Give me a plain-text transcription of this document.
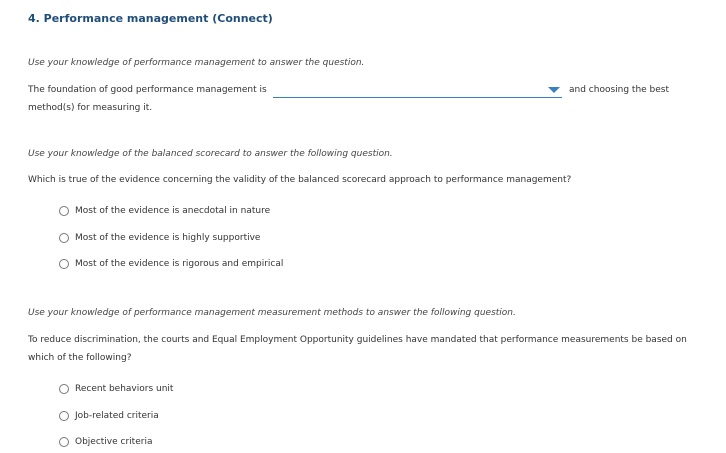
4. Performance management (Connect)
Use your knowledge of performance management to answer the question.
The foundation of good performance management is	and choosing the best
method(s) for measuring it.
Use your knowledge of the balanced scorecard to answer the following question.
Which is true of the evidence concerning the validity of the balanced scorecard approach to performance management?
Most of the evidence is anecdotal in nature
Most of the evidence is highly supportive
Most of the evidence is rigorous and empirical
Use your knowledge of performance management measurement methods to answer the following question.
To reduce discrimination, the courts and Equal Employment Opportunity guidelines have mandated that performance measurements be based on
which of the following?
Recent behaviors unit
Job-related criteria
Objective criteria
